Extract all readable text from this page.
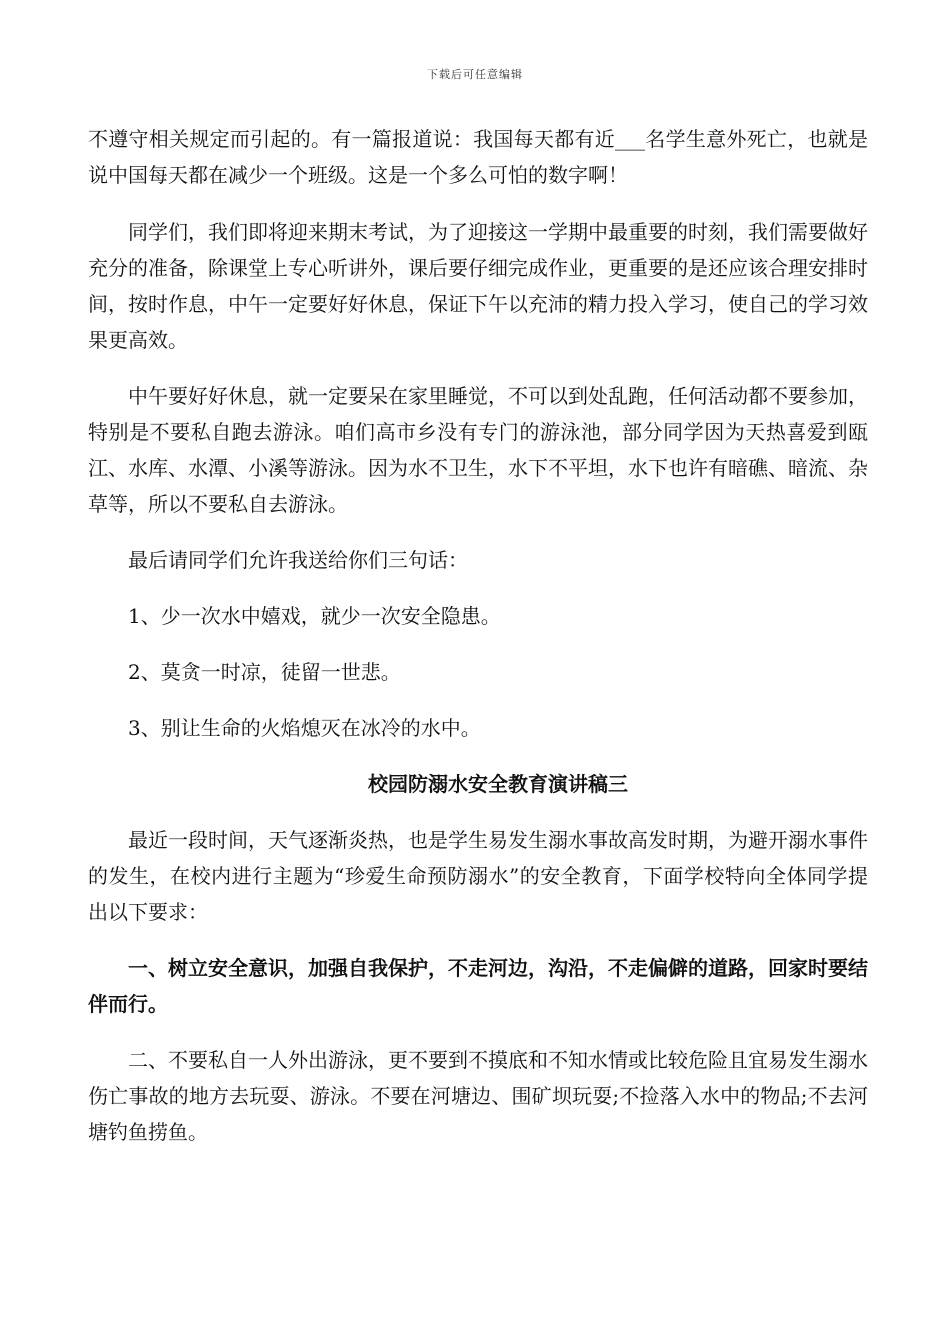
下载后可任意编辑

不遵守相关规定而引起的。有一篇报道说：我国每天都有近___名学生意外死亡，也就是说中国每天都在减少一个班级。这是一个多么可怕的数字啊！

同学们，我们即将迎来期末考试，为了迎接这一学期中最重要的时刻，我们需要做好充分的准备，除课堂上专心听讲外，课后要仔细完成作业，更重要的是还应该合理安排时间，按时作息，中午一定要好好休息，保证下午以充沛的精力投入学习，使自己的学习效果更高效。

中午要好好休息，就一定要呆在家里睡觉，不可以到处乱跑，任何活动都不要参加，特别是不要私自跑去游泳。咱们高市乡没有专门的游泳池，部分同学因为天热喜爱到瓯江、水库、水潭、小溪等游泳。因为水不卫生，水下不平坦，水下也许有暗礁、暗流、杂草等，所以不要私自去游泳。

最后请同学们允许我送给你们三句话：

1、少一次水中嬉戏，就少一次安全隐患。

2、莫贪一时凉，徒留一世悲。

3、别让生命的火焰熄灭在冰冷的水中。

校园防溺水安全教育演讲稿三

最近一段时间，天气逐渐炎热，也是学生易发生溺水事故高发时期，为避开溺水事件的发生，在校内进行主题为“珍爱生命预防溺水”的安全教育，下面学校特向全体同学提出以下要求：

一、树立安全意识，加强自我保护，不走河边，沟沿，不走偏僻的道路，回家时要结伴而行。

二、不要私自一人外出游泳，更不要到不摸底和不知水情或比较危险且宜易发生溺水伤亡事故的地方去玩耍、游泳。不要在河塘边、围矿坝玩耍;不捡落入水中的物品;不去河塘钓鱼捞鱼。
